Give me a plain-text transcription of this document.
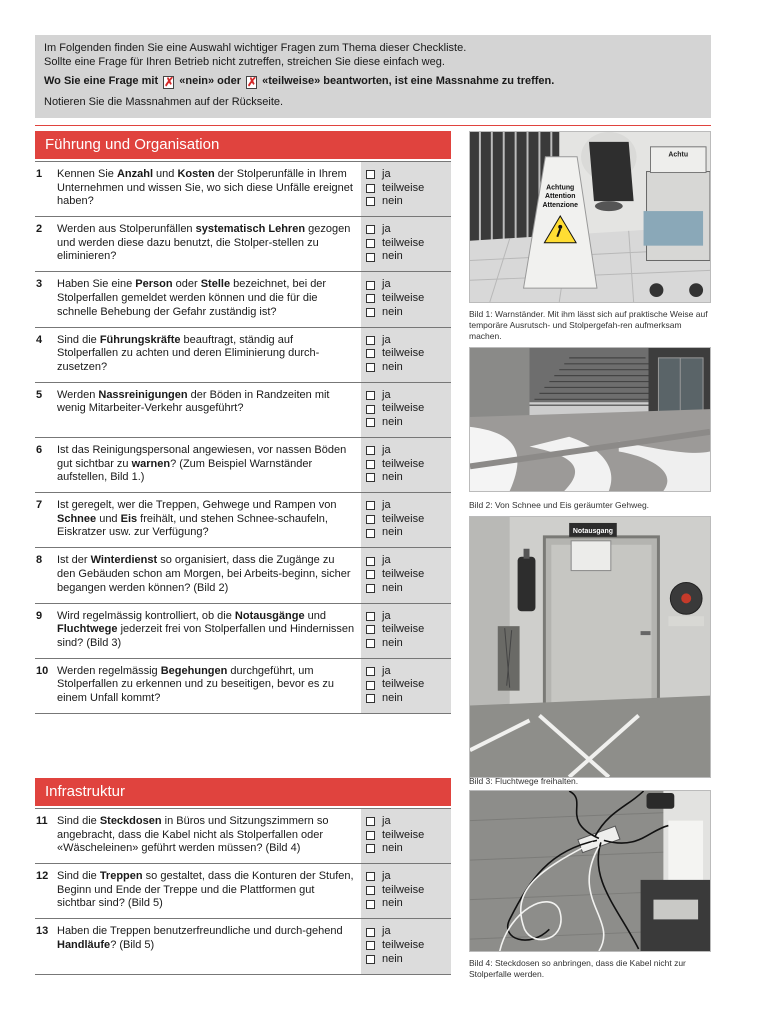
Im Folgenden finden Sie eine Auswahl wichtiger Fragen zum Thema dieser Checkliste.

Sollte eine Frage für Ihren Betrieb nicht zutreffen, streichen Sie diese einfach weg.

Wo Sie eine Frage mit ✗ «nein» oder ✗ «teilweise» beantworten, ist eine Massnahme zu treffen.

Notieren Sie die Massnahmen auf der Rückseite.

Führung und Organisation
1	Kennen Sie Anzahl und Kosten der Stolperunfälle in Ihrem Unternehmen und wissen Sie, wo sich diese Unfälle ereignet haben?
ja
teilweise
nein
2	Werden aus Stolperunfällen systematisch Lehren gezogen und werden diese dazu benutzt, die Stolper-stellen zu eliminieren?
ja
teilweise
nein
3	Haben Sie eine Person oder Stelle bezeichnet, bei der Stolperfallen gemeldet werden können und die für die schnelle Behebung der Gefahr zuständig ist?
ja
teilweise
nein
4	Sind die Führungskräfte beauftragt, ständig auf Stolperfallen zu achten und deren Eliminierung durch-zusetzen?
ja
teilweise
nein
5	Werden Nassreinigungen der Böden in Randzeiten mit wenig Mitarbeiter-Verkehr ausgeführt?
ja
teilweise
nein
6	Ist das Reinigungspersonal angewiesen, vor nassen Böden gut sichtbar zu warnen? (Zum Beispiel Warnständer aufstellen, Bild 1.)
ja
teilweise
nein
7	Ist geregelt, wer die Treppen, Gehwege und Rampen von Schnee und Eis freihält, und stehen Schnee-schaufeln, Eiskratzer usw. zur Verfügung?
ja
teilweise
nein
8	Ist der Winterdienst so organisiert, dass die Zugänge zu den Gebäuden schon am Morgen, bei Arbeits-beginn, sicher begangen werden können? (Bild 2)
ja
teilweise
nein
9	Wird regelmässig kontrolliert, ob die Notausgänge und Fluchtwege jederzeit frei von Stolperfallen und Hindernissen sind? (Bild 3)
ja
teilweise
nein
10 Werden regelmässig Begehungen durchgeführt, um Stolperfallen zu erkennen und zu beseitigen, bevor es zu einem Unfall kommt?
ja
teilweise
nein
Infrastruktur
11 Sind die Steckdosen in Büros und Sitzungszimmern so angebracht, dass die Kabel nicht als Stolperfallen oder «Wäscheleinen» geführt werden müssen? (Bild 4)
ja
teilweise
nein
12 Sind die Treppen so gestaltet, dass die Konturen der Stufen, Beginn und Ende der Treppe und die Plattformen gut sichtbar sind? (Bild 5)
ja
teilweise
nein
13 Haben die Treppen benutzerfreundliche und durch-gehend Handläufe? (Bild 5)
ja
teilweise
nein
Achtung
Attention
Attenzione
Achtu
Bild 1: Warnständer. Mit ihm lässt sich auf praktische Weise auf temporäre Ausrutsch- und Stolpergefah-ren aufmerksam machen.
Bild 2: Von Schnee und Eis geräumter Gehweg.
Notausgang
Bild 3: Fluchtwege freihalten.
Bild 4: Steckdosen so anbringen, dass die Kabel nicht zur Stolperfalle werden.
